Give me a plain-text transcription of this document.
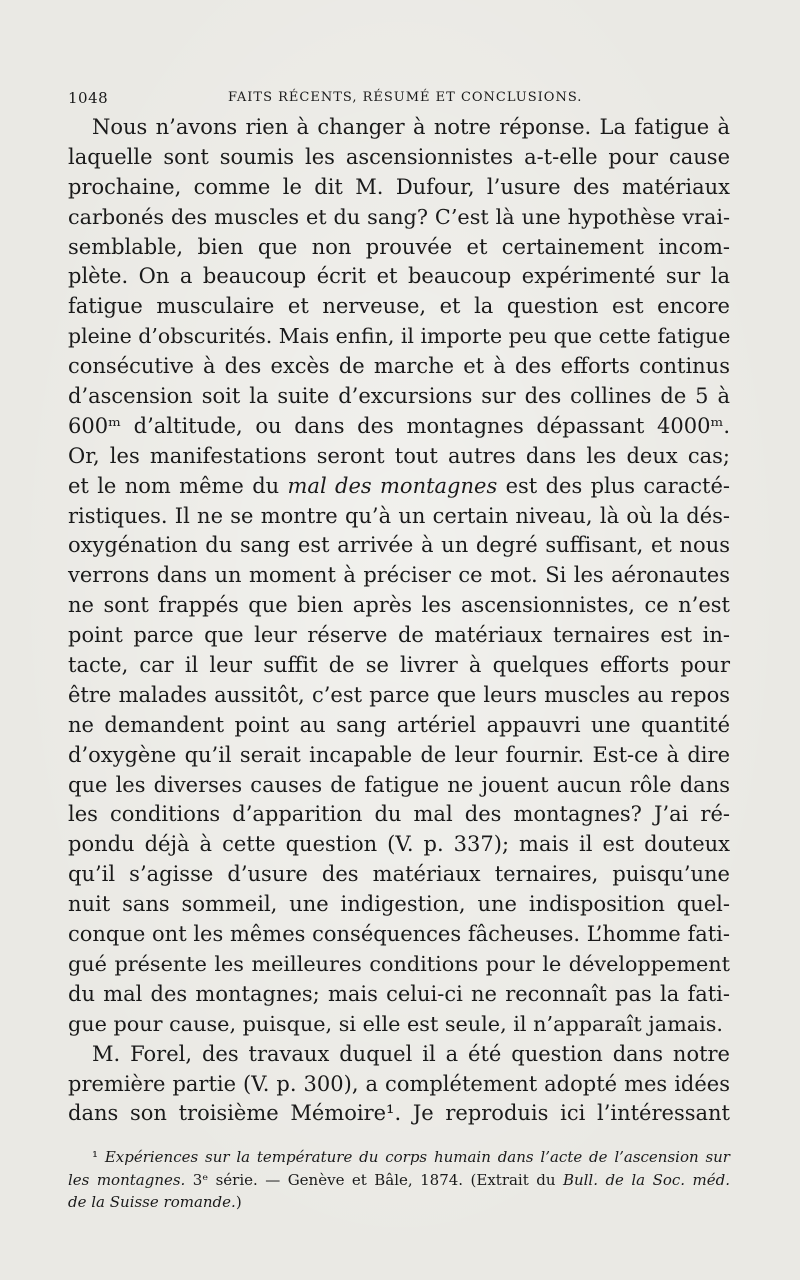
1048	FAITS RÉCENTS, RÉSUMÉ ET CONCLUSIONS.
Nous n’avons rien à changer à notre réponse. La fatigue à
laquelle sont soumis les ascensionnistes a-t-elle pour cause
prochaine, comme le dit M. Dufour, l’usure des matériaux
carbonés des muscles et du sang? C’est là une hypothèse vrai-
semblable, bien que non prouvée et certainement incom-
plète. On a beaucoup écrit et beaucoup expérimenté sur la
fatigue musculaire et nerveuse, et la question est encore
pleine d’obscurités. Mais enfin, il importe peu que cette fatigue
consécutive à des excès de marche et à des efforts continus
d’ascension soit la suite d’excursions sur des collines de 5 à
600ᵐ d’altitude, ou dans des montagnes dépassant 4000ᵐ.
Or, les manifestations seront tout autres dans les deux cas;
et le nom même du mal des montagnes est des plus caracté-
ristiques. Il ne se montre qu’à un certain niveau, là où la dés-
oxygénation du sang est arrivée à un degré suffisant, et nous
verrons dans un moment à préciser ce mot. Si les aéronautes
ne sont frappés que bien après les ascensionnistes, ce n’est
point parce que leur réserve de matériaux ternaires est in-
tacte, car il leur suffit de se livrer à quelques efforts pour
être malades aussitôt, c’est parce que leurs muscles au repos
ne demandent point au sang artériel appauvri une quantité
d’oxygène qu’il serait incapable de leur fournir. Est-ce à dire
que les diverses causes de fatigue ne jouent aucun rôle dans
les conditions d’apparition du mal des montagnes? J’ai ré-
pondu déjà à cette question (V. p. 337); mais il est douteux
qu’il s’agisse d’usure des matériaux ternaires, puisqu’une
nuit sans sommeil, une indigestion, une indisposition quel-
conque ont les mêmes conséquences fâcheuses. L’homme fati-
gué présente les meilleures conditions pour le développement
du mal des montagnes; mais celui-ci ne reconnaît pas la fati-
gue pour cause, puisque, si elle est seule, il n’apparaît jamais.
M. Forel, des travaux duquel il a été question dans notre
première partie (V. p. 300), a complétement adopté mes idées
dans son troisième Mémoire¹. Je reproduis ici l’intéressant
¹ Expériences sur la température du corps humain dans l’acte de l’ascension sur
les montagnes. 3ᵉ série. — Genève et Bâle, 1874. (Extrait du Bull. de la Soc. méd.
de la Suisse romande.)
